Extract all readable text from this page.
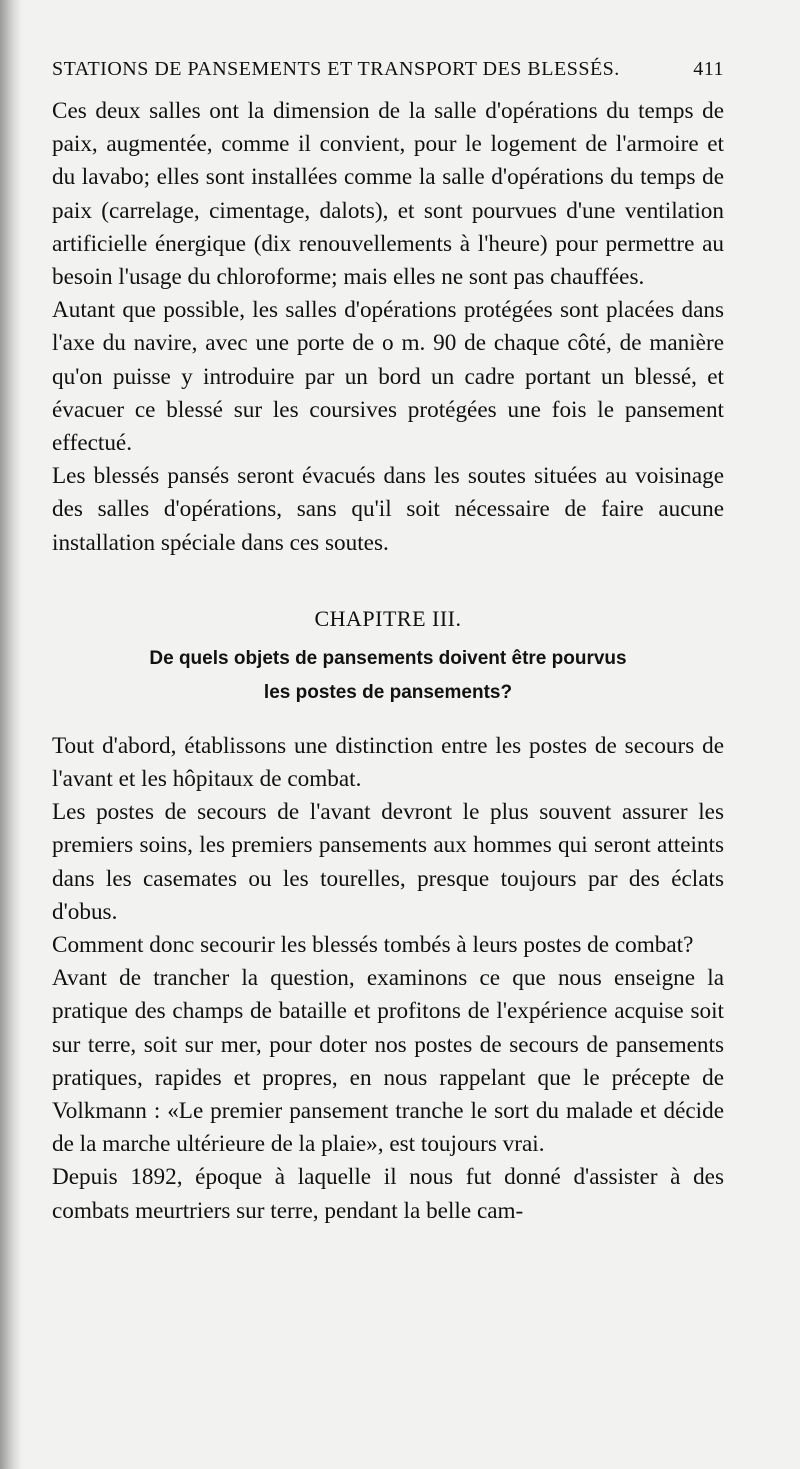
STATIONS DE PANSEMENTS ET TRANSPORT DES BLESSÉS.	411

Ces deux salles ont la dimension de la salle d'opérations du temps de paix, augmentée, comme il convient, pour le logement de l'armoire et du lavabo; elles sont installées comme la salle d'opérations du temps de paix (carrelage, cimentage, dalots), et sont pourvues d'une ventilation artificielle énergique (dix renouvellements à l'heure) pour permettre au besoin l'usage du chloroforme; mais elles ne sont pas chauffées.

Autant que possible, les salles d'opérations protégées sont placées dans l'axe du navire, avec une porte de o m. 90 de chaque côté, de manière qu'on puisse y introduire par un bord un cadre portant un blessé, et évacuer ce blessé sur les coursives protégées une fois le pansement effectué.

Les blessés pansés seront évacués dans les soutes situées au voisinage des salles d'opérations, sans qu'il soit nécessaire de faire aucune installation spéciale dans ces soutes.

CHAPITRE III.

De quels objets de pansements doivent être pourvus
les postes de pansements?

Tout d'abord, établissons une distinction entre les postes de secours de l'avant et les hôpitaux de combat.

Les postes de secours de l'avant devront le plus souvent assurer les premiers soins, les premiers pansements aux hommes qui seront atteints dans les casemates ou les tourelles, presque toujours par des éclats d'obus.

Comment donc secourir les blessés tombés à leurs postes de combat?

Avant de trancher la question, examinons ce que nous enseigne la pratique des champs de bataille et profitons de l'expérience acquise soit sur terre, soit sur mer, pour doter nos postes de secours de pansements pratiques, rapides et propres, en nous rappelant que le précepte de Volkmann : «Le premier pansement tranche le sort du malade et décide de la marche ultérieure de la plaie», est toujours vrai.

Depuis 1892, époque à laquelle il nous fut donné d'assister à des combats meurtriers sur terre, pendant la belle cam-
